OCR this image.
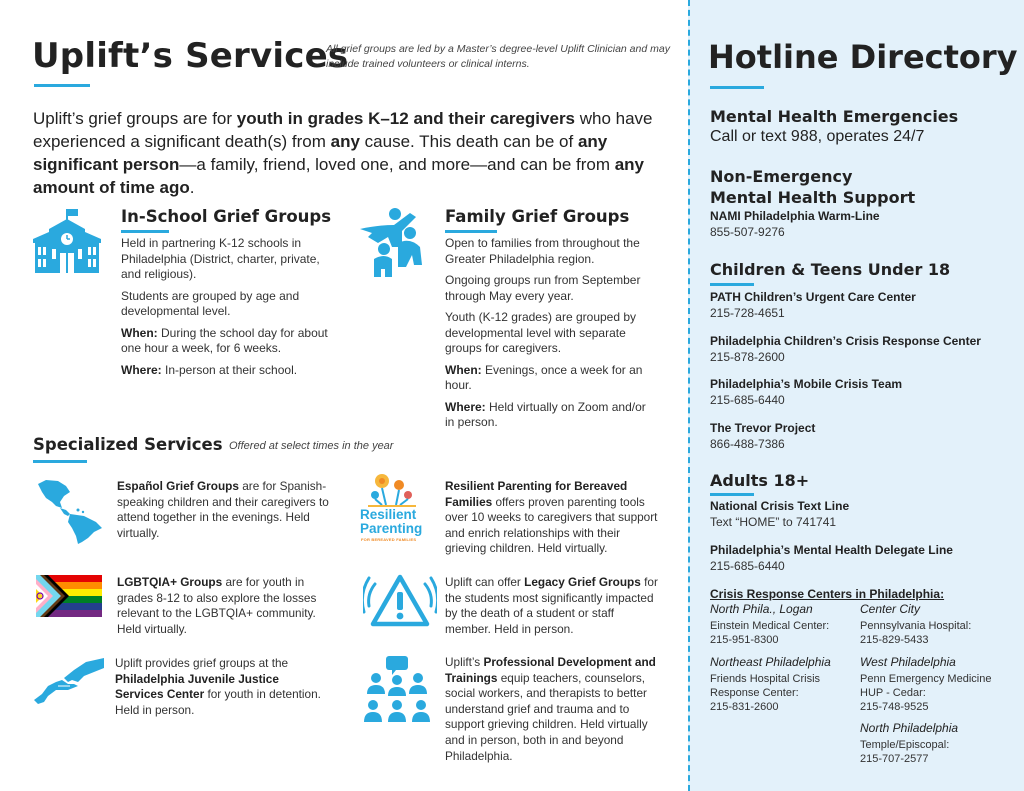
Uplift’s Services
All grief groups are led by a Master’s degree-level Uplift Clinician and may include trained volunteers or clinical interns.
Uplift’s grief groups are for youth in grades K–12 and their caregivers who have experienced a significant death(s) from any cause. This death can be of any significant person—a family, friend, loved one, and more—and can be from any amount of time ago.
In-School Grief Groups

Held in partnering K-12 schools in Philadelphia (District, charter, private, and religious).

Students are grouped by age and developmental level.

When: During the school day for about one hour a week, for 6 weeks.

Where: In-person at their school.

Family Grief Groups

Open to families from throughout the Greater Philadelphia region.

Ongoing groups run from September through May every year.

Youth (K-12 grades) are grouped by developmental level with separate groups for caregivers.

When: Evenings, once a week for an hour.

Where: Held virtually on Zoom and/or in person.

Specialized Services Offered at select times in the year
Español Grief Groups are for Spanish-speaking children and their caregivers to attend together in the evenings. Held virtually.
LGBTQIA+ Groups are for youth in grades 8-12 to also explore the losses relevant to the LGBTQIA+ community. Held virtually.
Uplift provides grief groups at the Philadelphia Juvenile Justice Services Center for youth in detention. Held in person.
Resilient
Parenting
FOR BEREAVED FAMILIES
Resilient Parenting for Bereaved Families offers proven parenting tools over 10 weeks to caregivers that support and enrich relationships with their grieving children. Held virtually.
Uplift can offer Legacy Grief Groups for the students most significantly impacted by the death of a student or staff member. Held in person.
Uplift’s Professional Development and Trainings equip teachers, counselors, social workers, and therapists to better understand grief and trauma and to support grieving children. Held virtually and in person, both in and beyond Philadelphia.
Hotline Directory
Mental Health Emergencies
Call or text 988, operates 24/7
Non-Emergency
Mental Health Support
NAMI Philadelphia Warm-Line
855-507-9276
Children & Teens Under 18
PATH Children’s Urgent Care Center
215-728-4651
Philadelphia Children’s Crisis Response Center
215-878-2600
Philadelphia’s Mobile Crisis Team
215-685-6440
The Trevor Project
866-488-7386
Adults 18+
National Crisis Text Line
Text “HOME” to 741741
Philadelphia’s Mental Health Delegate Line
215-685-6440
Crisis Response Centers in Philadelphia:
North Phila., Logan
Einstein Medical Center:
215-951-8300
Center City
Pennsylvania Hospital:
215-829-5433
Northeast Philadelphia
Friends Hospital Crisis
Response Center:
215-831-2600
West Philadelphia
Penn Emergency Medicine
HUP - Cedar:
215-748-9525
North Philadelphia
Temple/Episcopal:
215-707-2577
